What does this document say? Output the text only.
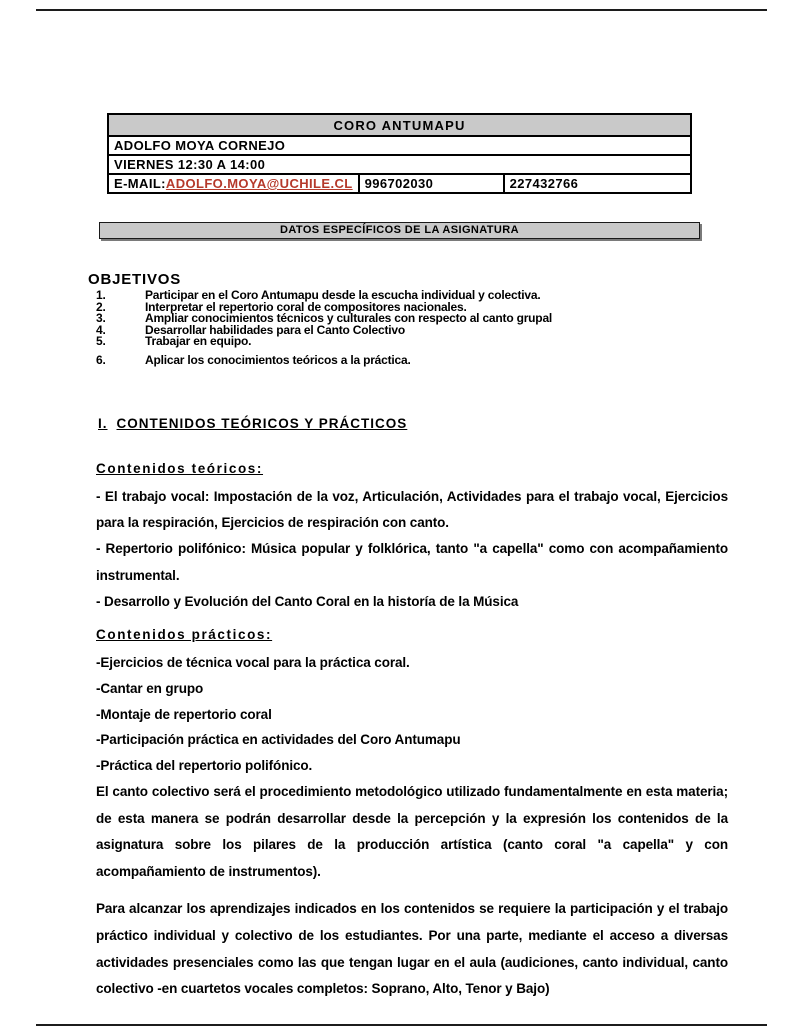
CORO ANTUMAPU
ADOLFO MOYA CORNEJO
VIERNES 12:30 A 14:00
E-MAIL:ADOLFO.MOYA@UCHILE.CL	996702030	227432766
DATOS ESPECÍFICOS DE LA ASIGNATURA
OBJETIVOS
1.	Participar en el Coro Antumapu desde la escucha individual y colectiva.
2.	Interpretar el repertorio coral de compositores nacionales.
3.	Ampliar conocimientos técnicos y culturales con respecto al canto grupal
4.	Desarrollar habilidades para el Canto Colectivo
5.	Trabajar en equipo.
6.	Aplicar los conocimientos teóricos a la práctica.
I. CONTENIDOS TEÓRICOS Y PRÁCTICOS
Contenidos teóricos:
- El trabajo vocal: Impostación de la voz, Articulación, Actividades para el trabajo vocal, Ejercicios para la respiración, Ejercicios de respiración con canto.
- Repertorio polifónico: Música popular y folklórica, tanto "a capella" como con acompañamiento instrumental.
- Desarrollo y Evolución del Canto Coral en la historía de la Música
Contenidos prácticos:
-Ejercicios de técnica vocal para la práctica coral.
-Cantar en grupo
-Montaje de repertorio coral
-Participación práctica en actividades del Coro Antumapu
-Práctica del repertorio polifónico.
El canto colectivo será el procedimiento metodológico utilizado fundamentalmente en esta materia; de esta manera se podrán desarrollar desde la percepción y la expresión los contenidos de la asignatura sobre los pilares de la producción artística (canto coral "a capella" y con acompañamiento de instrumentos).
Para alcanzar los aprendizajes indicados en los contenidos se requiere la participación y el trabajo práctico individual y colectivo de los estudiantes. Por una parte, mediante el acceso a diversas actividades presenciales como las que tengan lugar en el aula (audiciones, canto individual, canto colectivo -en cuartetos vocales completos: Soprano, Alto, Tenor y Bajo)
